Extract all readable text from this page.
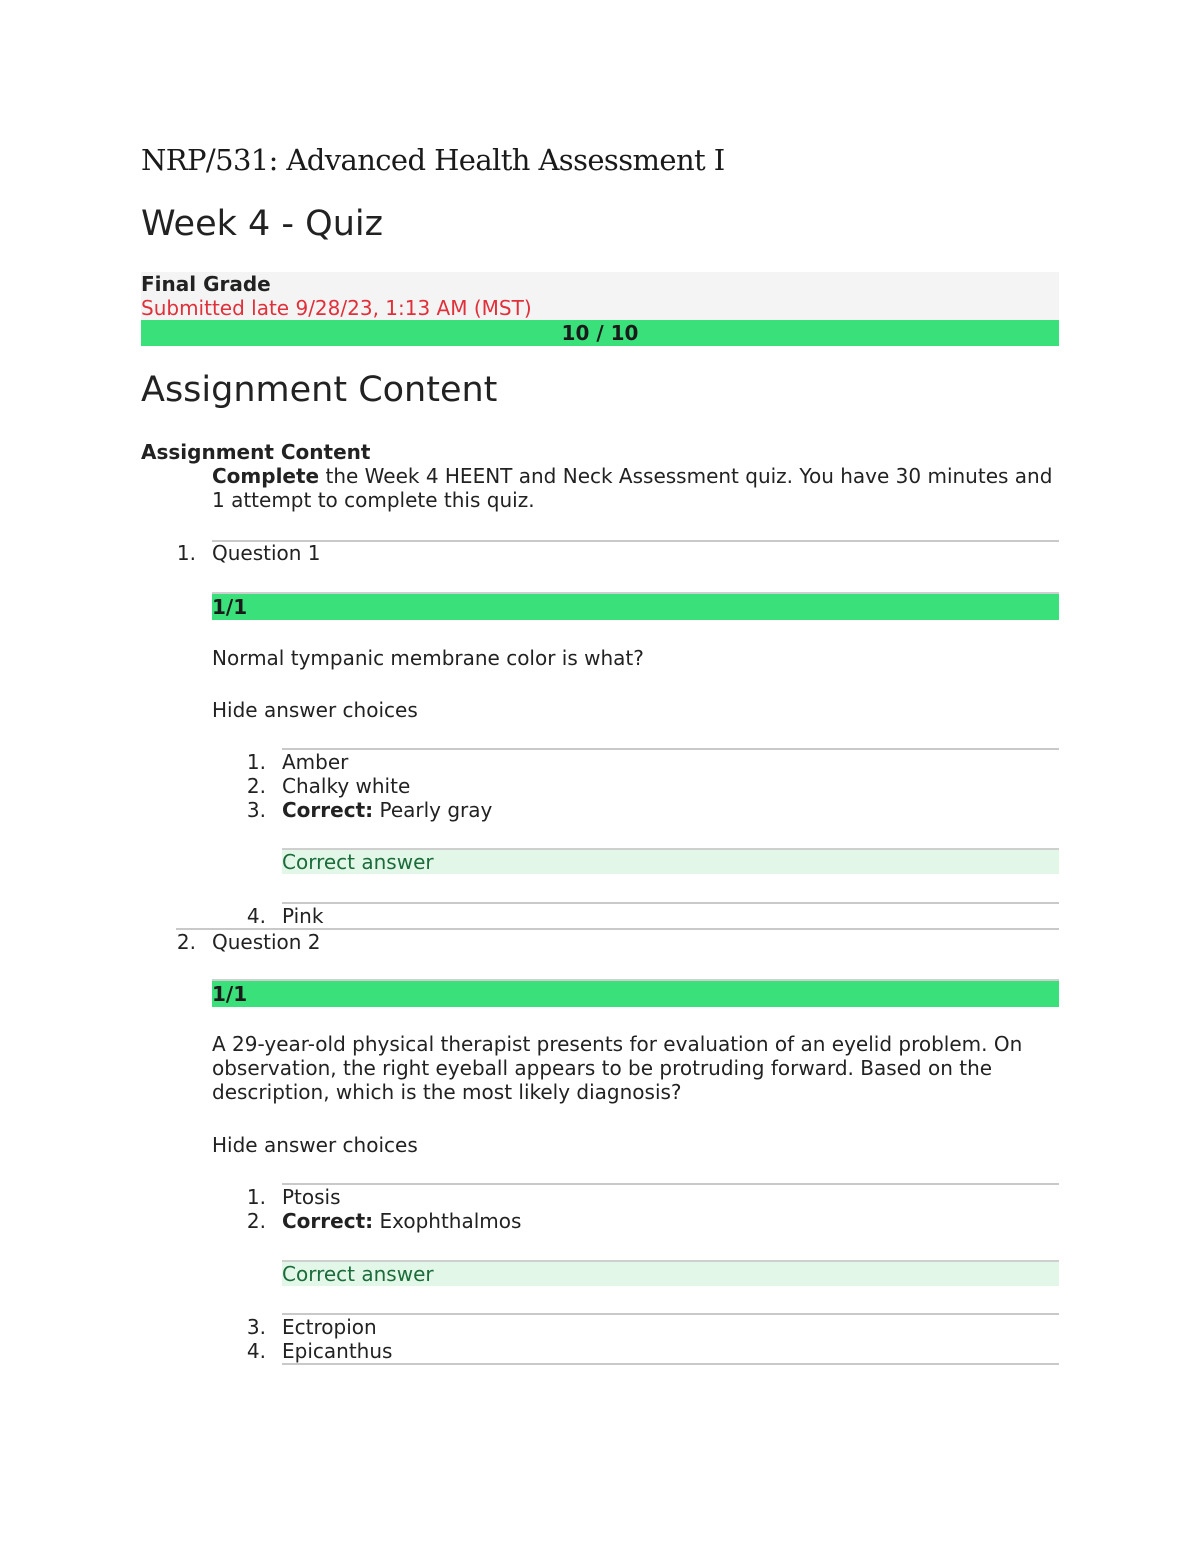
NRP/531: Advanced Health Assessment I
Week 4 - Quiz
Final Grade
Submitted late 9/28/23, 1:13 AM (MST)
10 / 10
Assignment Content
Assignment Content
Complete the Week 4 HEENT and Neck Assessment quiz. You have 30 minutes and 1 attempt to complete this quiz.
1. Question 1
1/1
Normal tympanic membrane color is what?
Hide answer choices
1. Amber
2. Chalky white
3. Correct: Pearly gray
Correct answer
4. Pink
2. Question 2
1/1
A 29-year-old physical therapist presents for evaluation of an eyelid problem. On observation, the right eyeball appears to be protruding forward. Based on the description, which is the most likely diagnosis?
Hide answer choices
1. Ptosis
2. Correct: Exophthalmos
Correct answer
3. Ectropion
4. Epicanthus
